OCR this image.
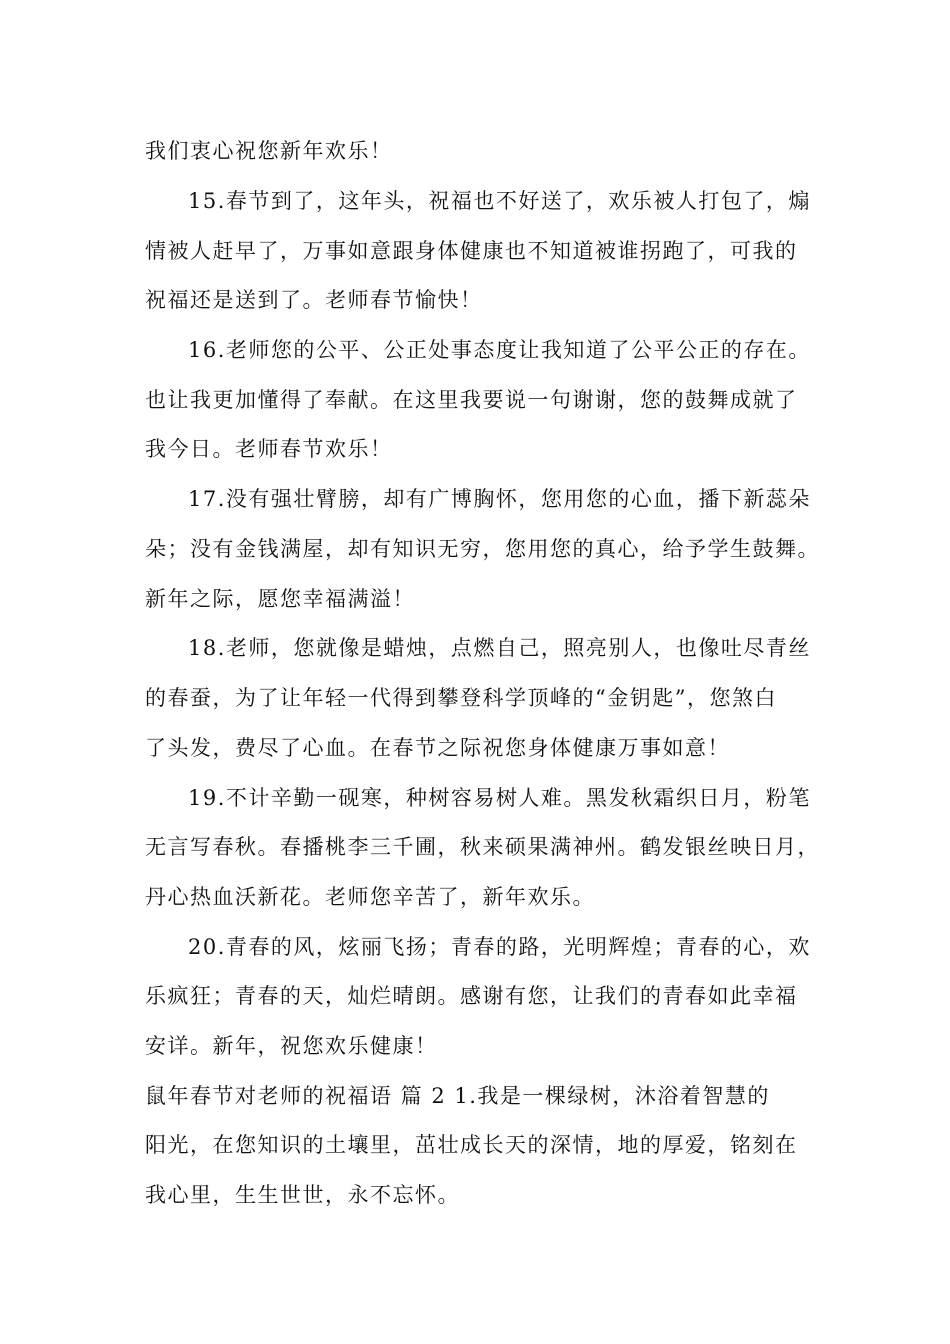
我们衷心祝您新年欢乐！
15.春节到了，这年头，祝福也不好送了，欢乐被人打包了，煽
情被人赶早了，万事如意跟身体健康也不知道被谁拐跑了，可我的
祝福还是送到了。老师春节愉快！
16.老师您的公平、公正处事态度让我知道了公平公正的存在。
也让我更加懂得了奉献。在这里我要说一句谢谢，您的鼓舞成就了
我今日。老师春节欢乐！
17.没有强壮臂膀，却有广博胸怀，您用您的心血，播下新蕊朵
朵；没有金钱满屋，却有知识无穷，您用您的真心，给予学生鼓舞。
新年之际，愿您幸福满溢！
18.老师，您就像是蜡烛，点燃自己，照亮别人，也像吐尽青丝
的春蚕，为了让年轻一代得到攀登科学顶峰的“金钥匙”，您煞白
了头发，费尽了心血。在春节之际祝您身体健康万事如意！
19.不计辛勤一砚寒，种树容易树人难。黑发秋霜织日月，粉笔
无言写春秋。春播桃李三千圃，秋来硕果满神州。鹤发银丝映日月，
丹心热血沃新花。老师您辛苦了，新年欢乐。
20.青春的风，炫丽飞扬；青春的路，光明辉煌；青春的心，欢
乐疯狂；青春的天，灿烂晴朗。感谢有您，让我们的青春如此幸福
安详。新年，祝您欢乐健康！
鼠年春节对老师的祝福语 篇 2 1.我是一棵绿树，沐浴着智慧的
阳光，在您知识的土壤里，茁壮成长天的深情，地的厚爱，铭刻在
我心里，生生世世，永不忘怀。
